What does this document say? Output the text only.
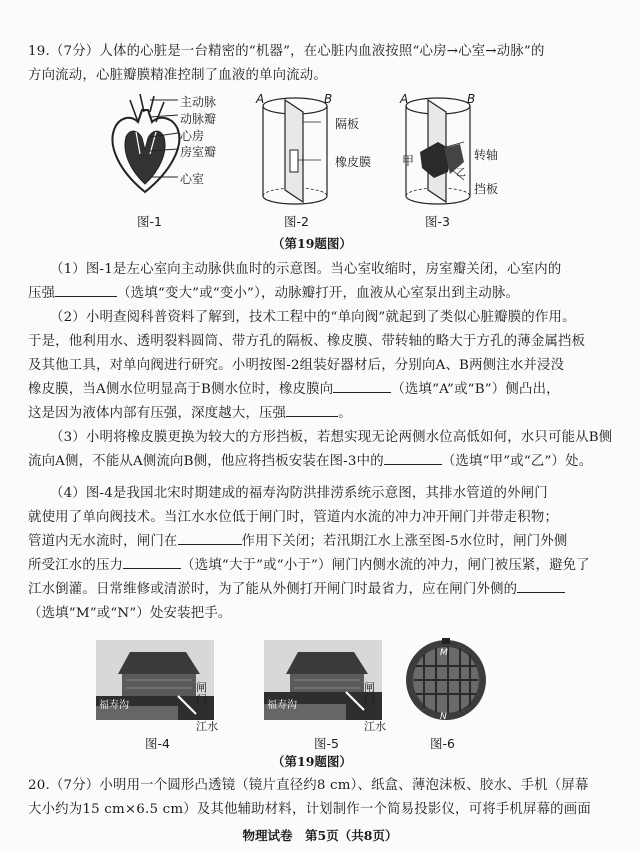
19.（7分）人体的心脏是一台精密的“机器”，在心脏内血液按照“心房→心室→动脉”的
方向流动，心脏瓣膜精准控制了血液的单向流动。
主动脉
动脉瓣
心房
房室瓣
心室
图-1
A	B
隔板
橡皮膜
图-2
A	B
转轴
挡板
甲
乙
图-3
（第19题图）
（1）图-1是左心室向主动脉供血时的示意图。当心室收缩时，房室瓣关闭，心室内的
压强	（选填“变大”或“变小”），动脉瓣打开，血液从心室泵出到主动脉。
（2）小明查阅科普资料了解到，技术工程中的“单向阀”就起到了类似心脏瓣膜的作用。
于是，他利用水、透明裂料圆筒、带方孔的隔板、橡皮膜、带转轴的略大于方孔的薄金属挡板
及其他工具，对单向阀进行研究。小明按图-2组装好器材后，分别向A、B两侧注水并浸没
橡皮膜，当A侧水位明显高于B侧水位时，橡皮膜向	（选填“A”或“B”）侧凸出，
这是因为液体内部有压强，深度越大，压强	。
（3）小明将橡皮膜更换为较大的方形挡板，若想实现无论两侧水位高低如何，水只可能从B侧
流向A侧，不能从A侧流向B侧，他应将挡板安装在图-3中的	（选填“甲”或“乙”）处。
（4）图-4是我国北宋时期建成的福寿沟防洪排涝系统示意图，其排水管道的外闸门
就使用了单向阀技术。当江水水位低于闸门时，管道内水流的冲力冲开闸门并带走积物；
管道内无水流时，闸门在	作用下关闭；若汛期江水上涨至图-5水位时，闸门外侧
所受江水的压力	（选填“大于”或“小于”）闸门内侧水流的冲力，闸门被压紧，避免了
江水倒灌。日常维修或清淤时，为了能从外侧打开闸门时最省力，应在闸门外侧的
（选填“M”或“N”）处安装把手。
福寿沟
闸门
江水
图-4
福寿沟
闸门
江水
图-5
M
N
图-6
（第19题图）
20.（7分）小明用一个圆形凸透镜（镜片直径约8 cm）、纸盒、薄泡沫板、胶水、手机（屏幕
大小约为15 cm×6.5 cm）及其他辅助材料，计划制作一个简易投影仪，可将手机屏幕的画面
物理试卷　第5页（共8页）
